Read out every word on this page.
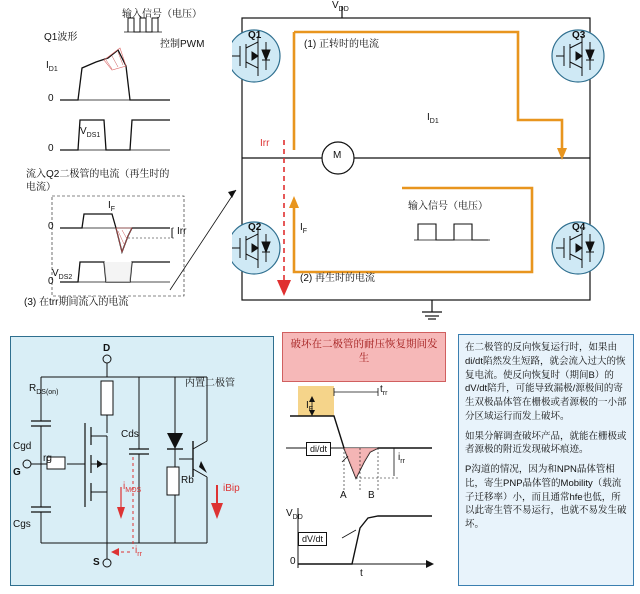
Q1波形
$I_{D1}$
0
$V_{DS1}$
0
流入Q2二极管的电流（再生时的电流）
$I_F$
0	Irr
$V_{DS2}$
0
(3) 在trr期间流入的电流
输入信号（电压）
控制PWM
$V_{DD}$
Q1	Q3
Q2	Q4
(1) 正转时的电流
(2) 再生时的电流
$I_{D1}$
$I_F$
Irr
M
输入信号（电压）
D
G
S
$R_{DS(on)}$
Cgd
Cgs
Cds
rg
Rb
内置二极管
$i_{MOS}$	iBip
$i_{rr}$
破坏在二极管的耐压恢复期间发生
$t_{rr}$
$I_F$
di/dt
$i_{rr}$
A B
$V_{DD}$
dV/dt
0
t
在二极管的反向恢复运行时，如果由di/dt陷然发生短路，就会流入过大的恢复电流。使反向恢复时（期间B）的dV/dt陪升，可能导致漏极/源极间的寄生双极晶体管在栅极或者源极的一小部分区域运行而发上破坏。
如果分解调查破坏产品，就能在栅极或者源极的附近发现破坏痕迹。
P沟道的情况，因为和NPN晶体管相比，寄生PNP晶体管的Mobility（载流子迁移率）小，而且通常hfe也低，所以此寄生管不易运行，也就不易发生破坏。
